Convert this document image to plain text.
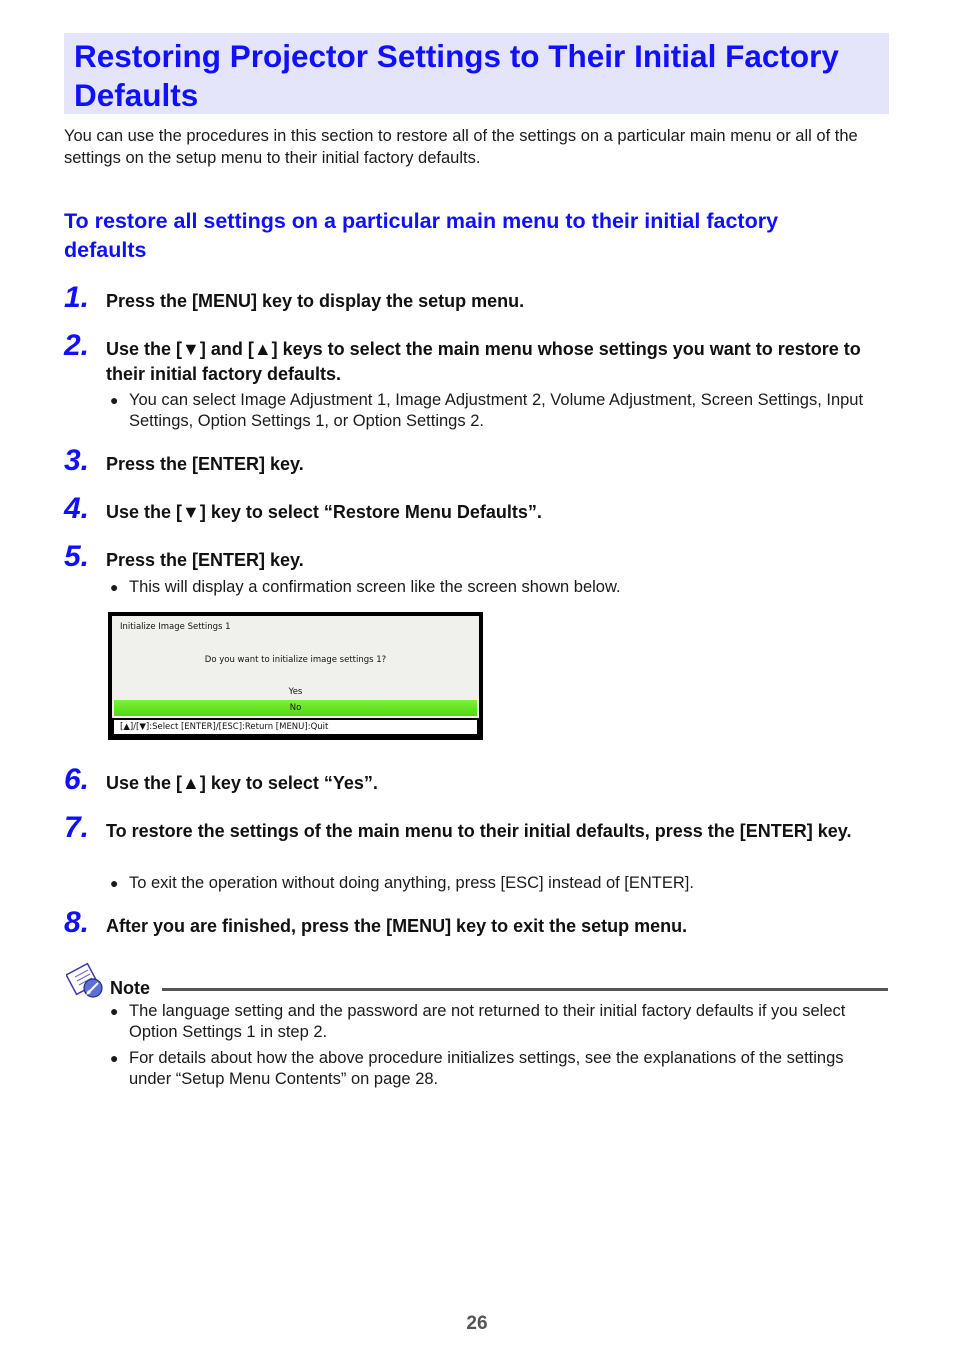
Restoring Projector Settings to Their Initial Factory Defaults

You can use the procedures in this section to restore all of the settings on a particular main menu or all of the settings on the setup menu to their initial factory defaults.

To restore all settings on a particular main menu to their initial factory defaults
1. Press the [MENU] key to display the setup menu.
2. Use the [▼] and [▲] keys to select the main menu whose settings you want to restore to their initial factory defaults.
● You can select Image Adjustment 1, Image Adjustment 2, Volume Adjustment, Screen Settings, Input Settings, Option Settings 1, or Option Settings 2.
3. Press the [ENTER] key.
4. Use the [▼] key to select “Restore Menu Defaults”.
5. Press the [ENTER] key.
● This will display a confirmation screen like the screen shown below.
Initialize Image Settings 1
Do you want to initialize image settings 1?
Yes
No
[▲]/[▼]:Select [ENTER]/[ESC]:Return [MENU]:Quit
6. Use the [▲] key to select “Yes”.
7. To restore the settings of the main menu to their initial defaults, press the [ENTER] key.
● To exit the operation without doing anything, press [ESC] instead of [ENTER].
8. After you are finished, press the [MENU] key to exit the setup menu.
Note
● The language setting and the password are not returned to their initial factory defaults if you select Option Settings 1 in step 2.
● For details about how the above procedure initializes settings, see the explanations of the settings under “Setup Menu Contents” on page 28.
26
